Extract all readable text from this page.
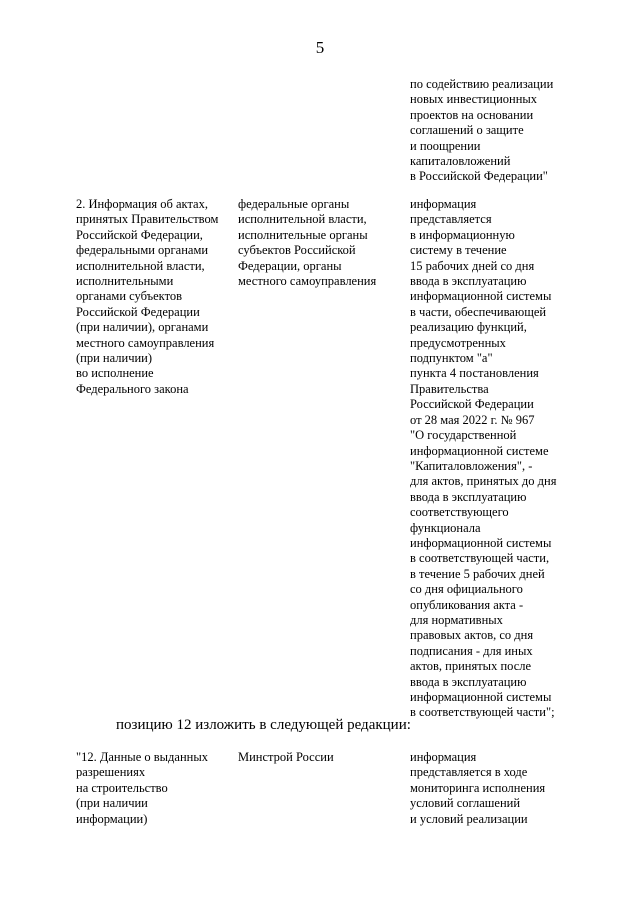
5
по содействию реализации
новых инвестиционных
проектов на основании
соглашений о защите
и поощрении
капиталовложений
в Российской Федерации"
2. Информация об актах,
принятых Правительством
Российской Федерации,
федеральными органами
исполнительной власти,
исполнительными
органами субъектов
Российской Федерации
(при наличии), органами
местного самоуправления
(при наличии)
во исполнение
Федерального закона
федеральные органы
исполнительной власти,
исполнительные органы
субъектов Российской
Федерации, органы
местного самоуправления
информация
представляется
в информационную
систему в течение
15 рабочих дней со дня
ввода в эксплуатацию
информационной системы
в части, обеспечивающей
реализацию функций,
предусмотренных
подпунктом "а"
пункта 4 постановления
Правительства
Российской Федерации
от 28 мая 2022 г. № 967
"О государственной
информационной системе
"Капиталовложения", -
для актов, принятых до дня
ввода в эксплуатацию
соответствующего
функционала
информационной системы
в соответствующей части,
в течение 5 рабочих дней
со дня официального
опубликования акта -
для нормативных
правовых актов, со дня
подписания - для иных
актов, принятых после
ввода в эксплуатацию
информационной системы
в соответствующей части";
позицию 12 изложить в следующей редакции:
"12. Данные о выданных
разрешениях
на строительство
(при наличии
информации)
Минстрой России	информация
представляется в ходе
мониторинга исполнения
условий соглашений
и условий реализации
